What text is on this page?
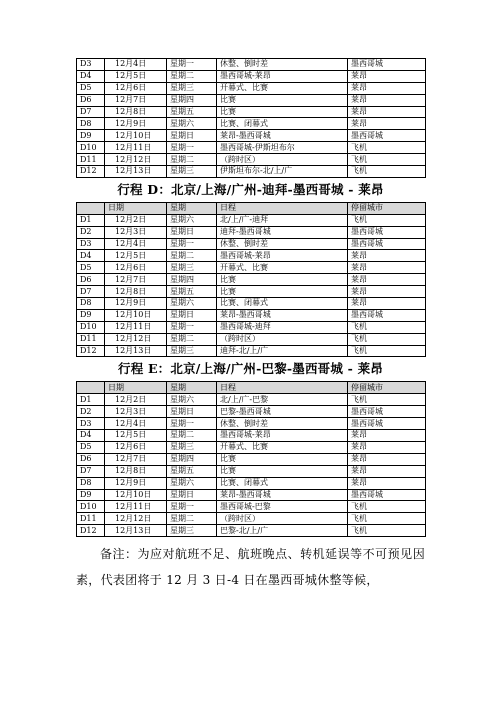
D3	12月4日	星期一	休整、倒时差	墨西哥城
D4	12月5日	星期二	墨西哥城-莱昂	莱昂
D5	12月6日	星期三	开幕式、比赛	莱昂
D6	12月7日	星期四	比赛	莱昂
D7	12月8日	星期五	比赛	莱昂
D8	12月9日	星期六	比赛、闭幕式	莱昂
D9	12月10日	星期日	莱昂-墨西哥城	墨西哥城
D10	12月11日	星期一	墨西哥城-伊斯坦布尔	飞机
D11	12月12日	星期二	（跨时区）	飞机
D12	12月13日	星期三	伊斯坦布尔-北/上/广	飞机
行程 D：北京/上海/广州-迪拜-墨西哥城 - 莱昂
	日期	星期	日程	停留城市
D1	12月2日	星期六	北/上/广-迪拜	飞机
D2	12月3日	星期日	迪拜-墨西哥城	墨西哥城
D3	12月4日	星期一	休整、倒时差	墨西哥城
D4	12月5日	星期二	墨西哥城-莱昂	莱昂
D5	12月6日	星期三	开幕式、比赛	莱昂
D6	12月7日	星期四	比赛	莱昂
D7	12月8日	星期五	比赛	莱昂
D8	12月9日	星期六	比赛、闭幕式	莱昂
D9	12月10日	星期日	莱昂-墨西哥城	墨西哥城
D10	12月11日	星期一	墨西哥城-迪拜	飞机
D11	12月12日	星期二	（跨时区）	飞机
D12	12月13日	星期三	迪拜-北/上/广	飞机
行程 E：北京/上海/广州-巴黎-墨西哥城 - 莱昂
	日期	星期	日程	停留城市
D1	12月2日	星期六	北/上/广-巴黎	飞机
D2	12月3日	星期日	巴黎-墨西哥城	墨西哥城
D3	12月4日	星期一	休整、倒时差	墨西哥城
D4	12月5日	星期二	墨西哥城-莱昂	莱昂
D5	12月6日	星期三	开幕式、比赛	莱昂
D6	12月7日	星期四	比赛	莱昂
D7	12月8日	星期五	比赛	莱昂
D8	12月9日	星期六	比赛、闭幕式	莱昂
D9	12月10日	星期日	莱昂-墨西哥城	墨西哥城
D10	12月11日	星期一	墨西哥城-巴黎	飞机
D11	12月12日	星期二	（跨时区）	飞机
D12	12月13日	星期三	巴黎-北/上/广	飞机

备注：为应对航班不足、航班晚点、转机延误等不可预见因素，代表团将于 12 月 3 日-4 日在墨西哥城休整等候，
